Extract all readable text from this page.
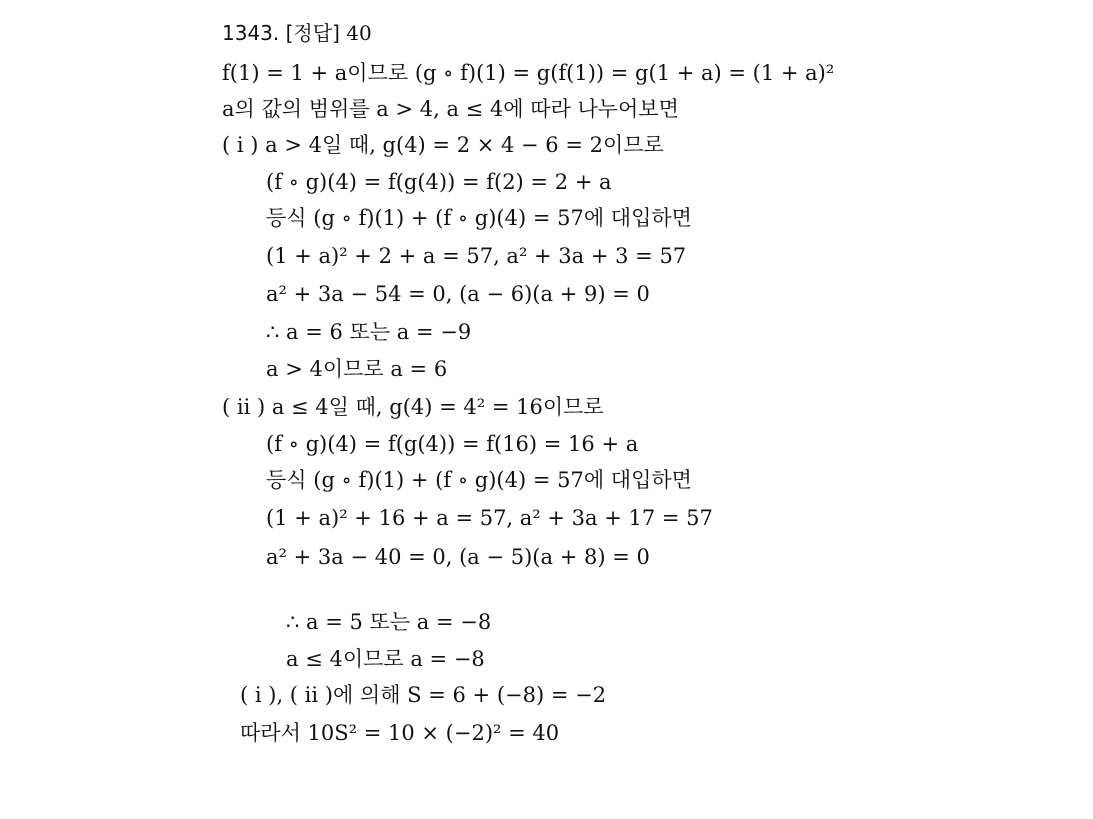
1343. [정답] 40
f(1) = 1 + a이므로 (g ∘ f)(1) = g(f(1)) = g(1 + a) = (1 + a)²
a의 값의 범위를 a > 4, a ≤ 4에 따라 나누어보면
( i ) a > 4일 때, g(4) = 2 × 4 − 6 = 2이므로
(f ∘ g)(4) = f(g(4)) = f(2) = 2 + a
등식 (g ∘ f)(1) + (f ∘ g)(4) = 57에 대입하면
(1 + a)² + 2 + a = 57, a² + 3a + 3 = 57
a² + 3a − 54 = 0, (a − 6)(a + 9) = 0
∴ a = 6 또는 a = −9
a > 4이므로 a = 6
( ii ) a ≤ 4일 때, g(4) = 4² = 16이므로
(f ∘ g)(4) = f(g(4)) = f(16) = 16 + a
등식 (g ∘ f)(1) + (f ∘ g)(4) = 57에 대입하면
(1 + a)² + 16 + a = 57, a² + 3a + 17 = 57
a² + 3a − 40 = 0, (a − 5)(a + 8) = 0
∴ a = 5 또는 a = −8
a ≤ 4이므로 a = −8
( i ), ( ii )에 의해 S = 6 + (−8) = −2
따라서 10S² = 10 × (−2)² = 40
